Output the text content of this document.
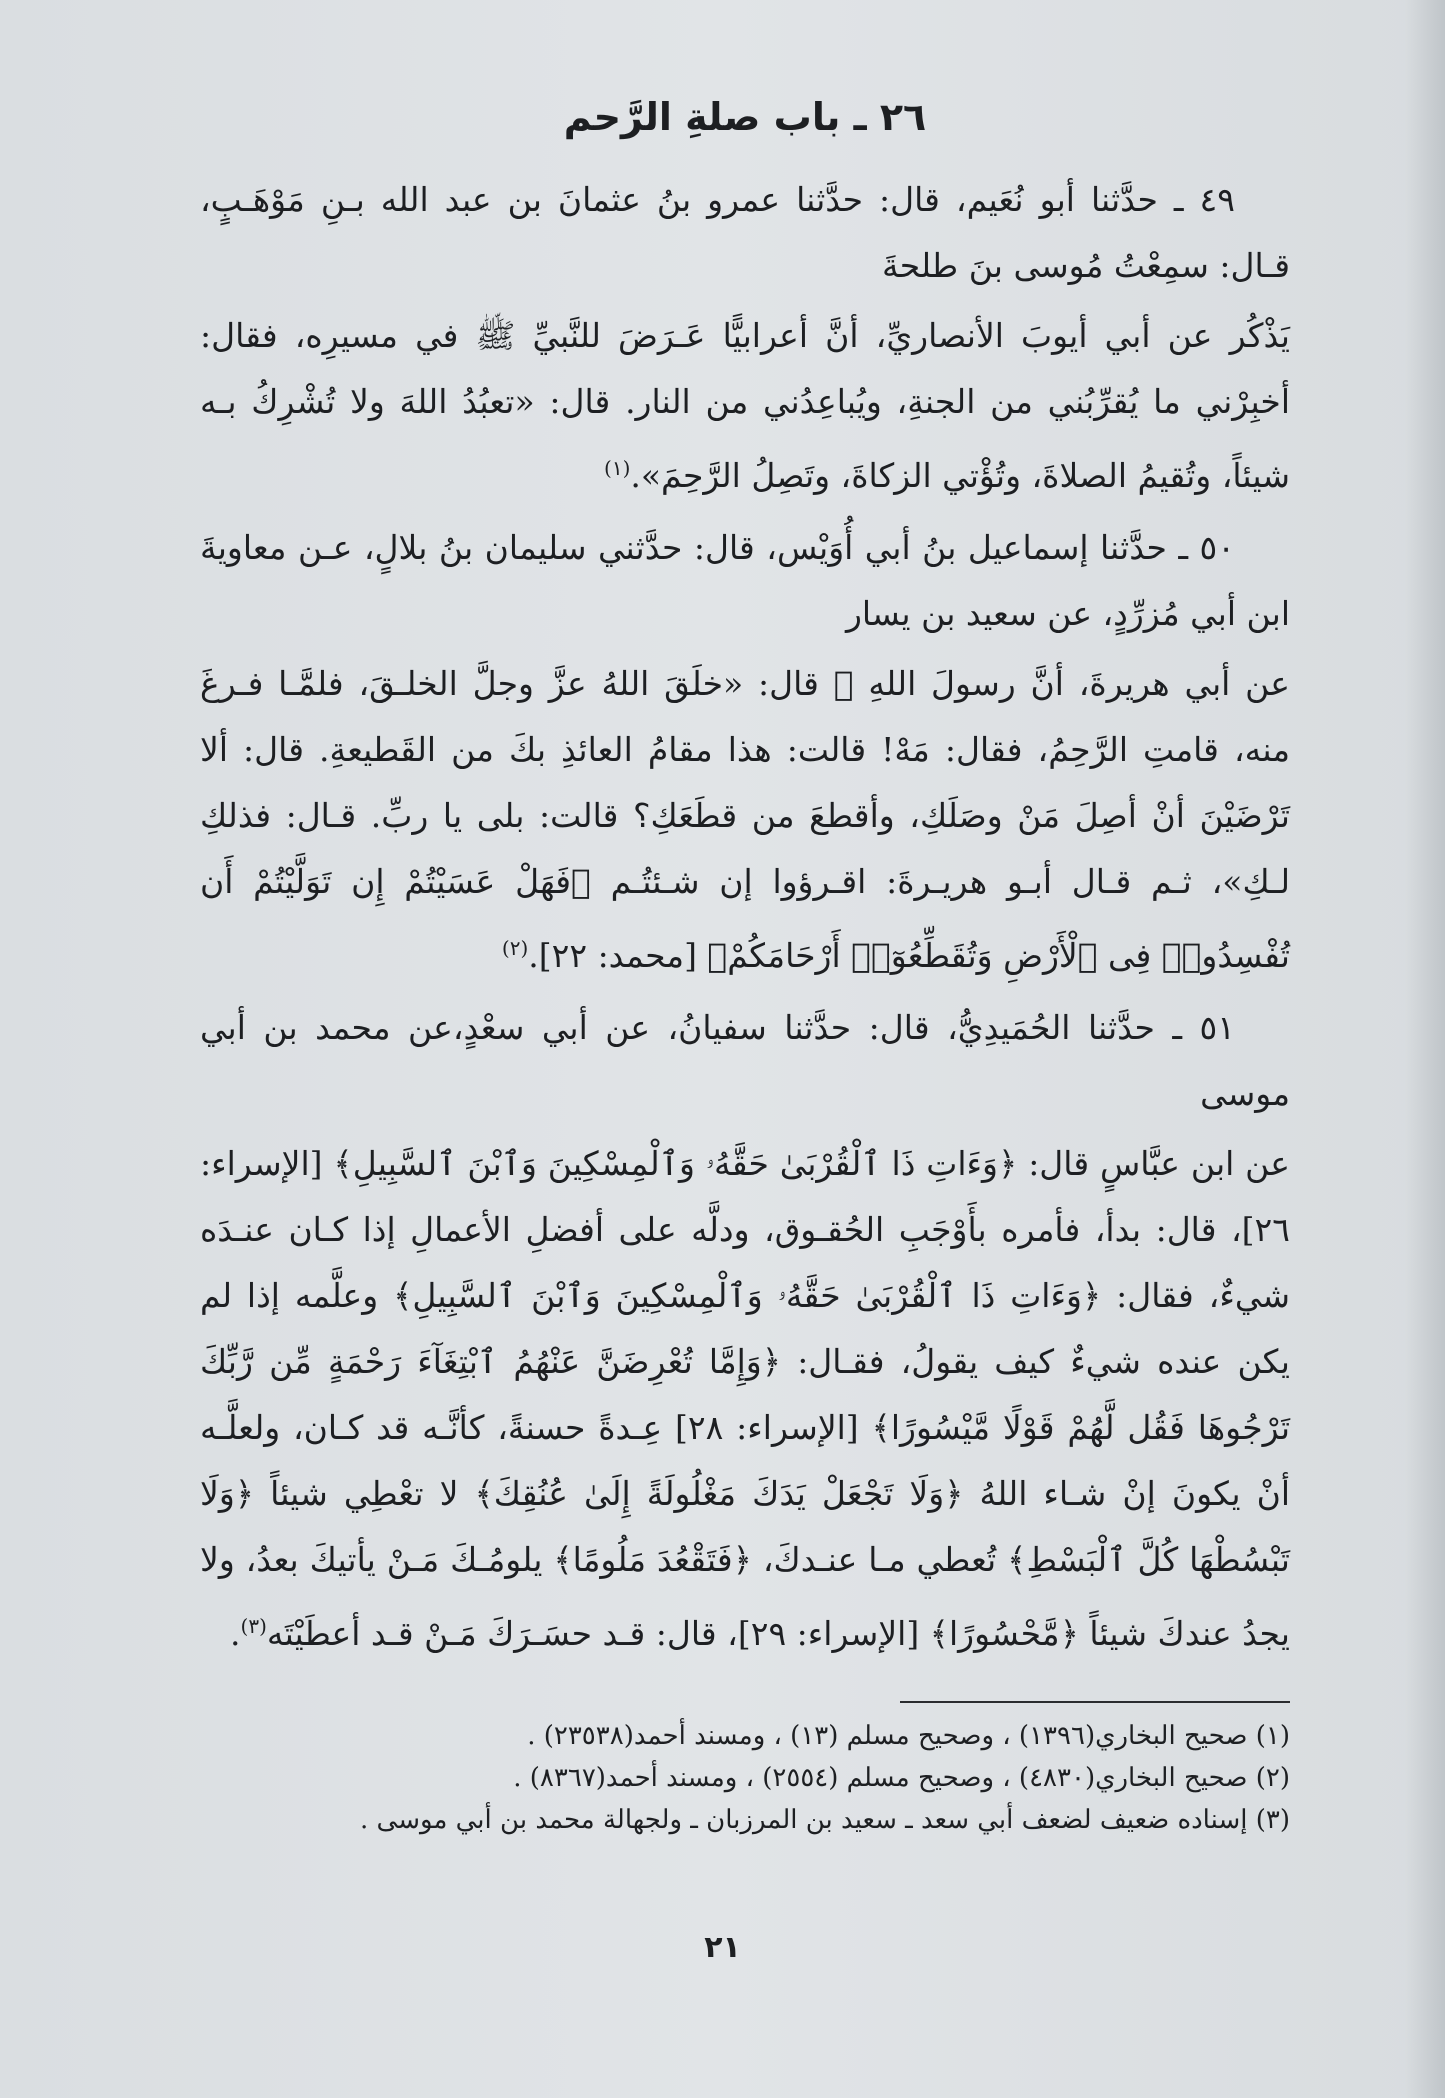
٢٦ ـ باب صلةِ الرَّحم

٤٩ ـ حدَّثنا أبو نُعَيم، قال: حدَّثنا عمرو بنُ عثمانَ بن عبد الله بـنِ مَوْهَـبٍ، قـال: سمِعْتُ مُوسى بنَ طلحةَ

يَذْكُر عن أبي أيوبَ الأنصاريِّ، أنَّ أعرابيًّا عَـرَضَ للنَّبيِّ ﷺ في مسيرِه، فقال: أخبِرْني ما يُقرِّبُني من الجنةِ، ويُباعِدُني من النار. قال: «تعبُدُ اللهَ ولا تُشْرِكُ بـه شيئاً، وتُقيمُ الصلاةَ، وتُؤْتي الزكاةَ، وتَصِلُ الرَّحِمَ».$^{(١)}$

٥٠ ـ حدَّثنا إسماعيل بنُ أبي أُوَيْس، قال: حدَّثني سليمان بنُ بلالٍ، عـن معاويةَ ابن أبي مُزرِّدٍ، عن سعيد بن يسار

عن أبي هريرةَ، أنَّ رسولَ اللهِ ﷺ قال: «خلَقَ اللهُ عزَّ وجلَّ الخلـقَ، فلمَّـا فـرغَ منه، قامتِ الرَّحِمُ، فقال: مَهْ! قالت: هذا مقامُ العائذِ بكَ من القَطيعةِ. قال: ألا تَرْضَيْنَ أنْ أصِلَ مَنْ وصَلَكِ، وأقطعَ من قطَعَكِ؟ قالت: بلى يا ربِّ. قـال: فذلكِ لـكِ»، ثـم قـال أبـو هريـرةَ: اقـرؤوا إن شـئتُـم ﴿فَهَلْ عَسَيْتُمْ إِن تَوَلَّيْتُمْ أَن تُفْسِدُوا۟ فِى ٱلْأَرْضِ وَتُقَطِّعُوٓا۟ أَرْحَامَكُمْ﴾ [محمد: ٢٢].$^{(٢)}$

٥١ ـ حدَّثنا الحُمَيدِيُّ، قال: حدَّثنا سفيانُ، عن أبي سعْدٍ،عن محمد بن أبي موسى

عن ابن عبَّاسٍ قال: ﴿وَءَاتِ ذَا ٱلْقُرْبَىٰ حَقَّهُۥ وَٱلْمِسْكِينَ وَٱبْنَ ٱلسَّبِيلِ﴾ [الإسراء: ٢٦]، قال: بدأ، فأمره بأَوْجَبِ الحُقـوق، ودلَّه على أفضلِ الأعمالِ إذا كـان عنـدَه شيءٌ، فقال: ﴿وَءَاتِ ذَا ٱلْقُرْبَىٰ حَقَّهُۥ وَٱلْمِسْكِينَ وَٱبْنَ ٱلسَّبِيلِ﴾ وعلَّمه إذا لم يكن عنده شيءٌ كيف يقولُ، فقـال: ﴿وَإِمَّا تُعْرِضَنَّ عَنْهُمُ ٱبْتِغَآءَ رَحْمَةٍ مِّن رَّبِّكَ تَرْجُوهَا فَقُل لَّهُمْ قَوْلًا مَّيْسُورًا﴾ [الإسراء: ٢٨] عِـدةً حسنةً، كأنَّـه قد كـان، ولعلَّـه أنْ يكونَ إنْ شـاء اللهُ ﴿وَلَا تَجْعَلْ يَدَكَ مَغْلُولَةً إِلَىٰ عُنُقِكَ﴾ لا تعْطِي شيئاً ﴿وَلَا تَبْسُطْهَا كُلَّ ٱلْبَسْطِ﴾ تُعطي مـا عنـدكَ، ﴿فَتَقْعُدَ مَلُومًا﴾ يلومُـكَ مَـنْ يأتيكَ بعدُ، ولا يجدُ عندكَ شيئاً ﴿مَّحْسُورًا﴾ [الإسراء: ٢٩]، قال: قـد حسَـرَكَ مَـنْ قـد أعطَيْتَه$^{(٣)}$.

(١) صحيح البخاري(١٣٩٦) ، وصحيح مسلم (١٣) ، ومسند أحمد(٢٣٥٣٨) .

(٢) صحيح البخاري(٤٨٣٠) ، وصحيح مسلم (٢٥٥٤) ، ومسند أحمد(٨٣٦٧) .

(٣) إسناده ضعيف لضعف أبي سعد ـ سعيد بن المرزبان ـ ولجهالة محمد بن أبي موسى .

٢١
